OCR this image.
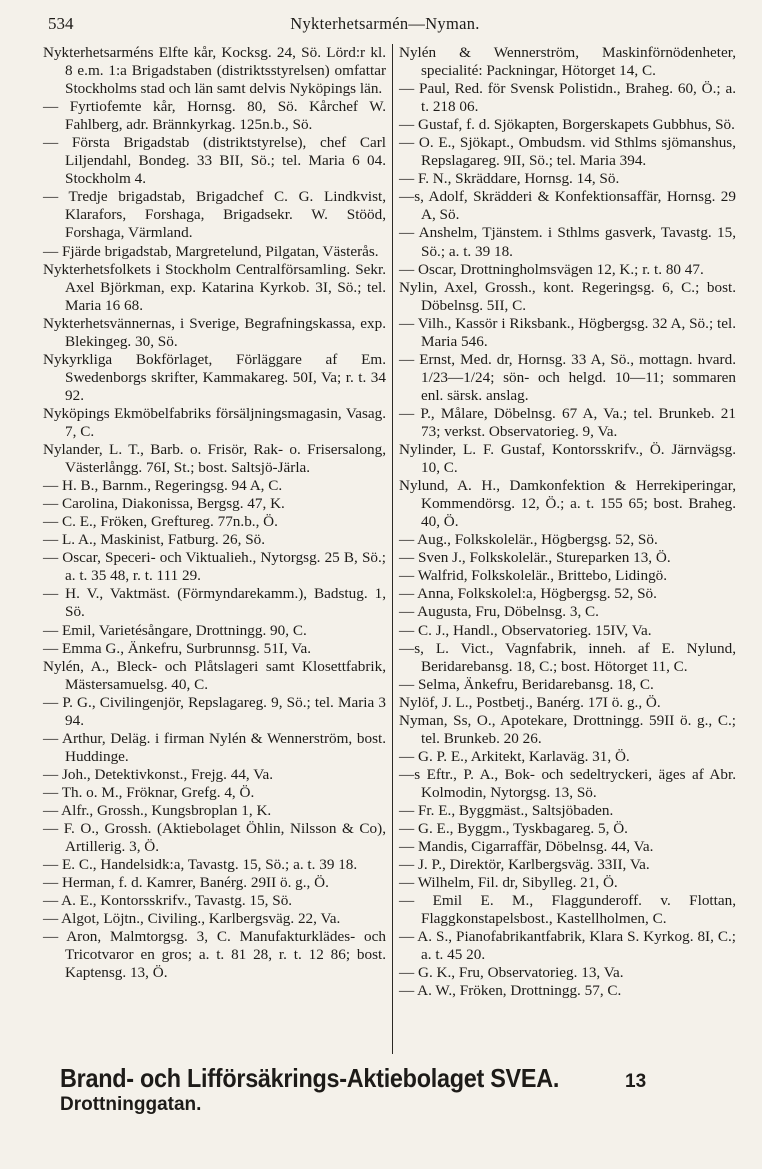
534	Nykterhetsarmén—Nyman.

Nykterhetsarméns Elfte kår, Kocksg. 24, Sö. Lörd:r kl. 8 e.m. 1:a Brigadstaben (distriktsstyrelsen) omfattar Stockholms stad och län samt delvis Nyköpings län.

— Fyrtiofemte kår, Hornsg. 80, Sö. Kårchef W. Fahlberg, adr. Brännkyrkag. 125n.b., Sö.

— Första Brigadstab (distriktstyrelse), chef Carl Liljendahl, Bondeg. 33 BII, Sö.; tel. Maria 6 04. Stockholm 4.

— Tredje brigadstab, Brigadchef C. G. Lindkvist, Klarafors, Forshaga, Brigadsekr. W. Stööd, Forshaga, Värmland.

— Fjärde brigadstab, Margretelund, Pilgatan, Västerås.

Nykterhetsfolkets i Stockholm Centralförsamling. Sekr. Axel Björkman, exp. Katarina Kyrkob. 3I, Sö.; tel. Maria 16 68.

Nykterhetsvännernas, i Sverige, Begrafningskassa, exp. Blekingeg. 30, Sö.

Nykyrkliga Bokförlaget, Förläggare af Em. Swedenborgs skrifter, Kammakareg. 50I, Va; r. t. 34 92.

Nyköpings Ekmöbelfabriks försäljningsmagasin, Vasag. 7, C.

Nylander, L. T., Barb. o. Frisör, Rak- o. Frisersalong, Västerlångg. 76I, St.; bost. Saltsjö-Järla.

— H. B., Barnm., Regeringsg. 94 A, C.

— Carolina, Diakonissa, Bergsg. 47, K.

— C. E., Fröken, Greftureg. 77n.b., Ö.

— L. A., Maskinist, Fatburg. 26, Sö.

— Oscar, Speceri- och Viktualieh., Nytorgsg. 25 B, Sö.; a. t. 35 48, r. t. 111 29.

— H. V., Vaktmäst. (Förmyndarekamm.), Badstug. 1, Sö.

— Emil, Varietésångare, Drottningg. 90, C.

— Emma G., Änkefru, Surbrunnsg. 51I, Va.

Nylén, A., Bleck- och Plåtslageri samt Klosettfabrik, Mästersamuelsg. 40, C.

— P. G., Civilingenjör, Repslagareg. 9, Sö.; tel. Maria 3 94.

— Arthur, Deläg. i firman Nylén & Wennerström, bost. Huddinge.

— Joh., Detektivkonst., Frejg. 44, Va.

— Th. o. M., Fröknar, Grefg. 4, Ö.

— Alfr., Grossh., Kungsbroplan 1, K.

— F. O., Grossh. (Aktiebolaget Öhlin, Nilsson & Co), Artillerig. 3, Ö.

— E. C., Handelsidk:a, Tavastg. 15, Sö.; a. t. 39 18.

— Herman, f. d. Kamrer, Banérg. 29II ö. g., Ö.

— A. E., Kontorsskrifv., Tavastg. 15, Sö.

— Algot, Löjtn., Civiling., Karlbergsväg. 22, Va.

— Aron, Malmtorgsg. 3, C. Manufakturklädes- och Tricotvaror en gros; a. t. 81 28, r. t. 12 86; bost. Kaptensg. 13, Ö.

Nylén & Wennerström, Maskinförnödenheter, specialité: Packningar, Hötorget 14, C.

— Paul, Red. för Svensk Polistidn., Braheg. 60, Ö.; a. t. 218 06.

— Gustaf, f. d. Sjökapten, Borgerskapets Gubbhus, Sö.

— O. E., Sjökapt., Ombudsm. vid Sthlms sjömanshus, Repslagareg. 9II, Sö.; tel. Maria 394.

— F. N., Skräddare, Hornsg. 14, Sö.

—s, Adolf, Skrädderi & Konfektionsaffär, Hornsg. 29 A, Sö.

— Anshelm, Tjänstem. i Sthlms gasverk, Tavastg. 15, Sö.; a. t. 39 18.

— Oscar, Drottningholmsvägen 12, K.; r. t. 80 47.

Nylin, Axel, Grossh., kont. Regeringsg. 6, C.; bost. Döbelnsg. 5II, C.

— Vilh., Kassör i Riksbank., Högbergsg. 32 A, Sö.; tel. Maria 546.

— Ernst, Med. dr, Hornsg. 33 A, Sö., mottagn. hvard. 1/23—1/24; sön- och helgd. 10—11; sommaren enl. särsk. anslag.

— P., Målare, Döbelnsg. 67 A, Va.; tel. Brunkeb. 21 73; verkst. Observatorieg. 9, Va.

Nylinder, L. F. Gustaf, Kontorsskrifv., Ö. Järnvägsg. 10, C.

Nylund, A. H., Damkonfektion & Herrekiperingar, Kommendörsg. 12, Ö.; a. t. 155 65; bost. Braheg. 40, Ö.

— Aug., Folkskolelär., Högbergsg. 52, Sö.

— Sven J., Folkskolelär., Stureparken 13, Ö.

— Walfrid, Folkskolelär., Brittebo, Lidingö.

— Anna, Folkskolel:a, Högbergsg. 52, Sö.

— Augusta, Fru, Döbelnsg. 3, C.

— C. J., Handl., Observatorieg. 15IV, Va.

—s, L. Vict., Vagnfabrik, inneh. af E. Nylund, Beridarebansg. 18, C.; bost. Hötorget 11, C.

— Selma, Änkefru, Beridarebansg. 18, C.

Nylöf, J. L., Postbetj., Banérg. 17I ö. g., Ö.

Nyman, Ss, O., Apotekare, Drottningg. 59II ö. g., C.; tel. Brunkeb. 20 26.

— G. P. E., Arkitekt, Karlaväg. 31, Ö.

—s Eftr., P. A., Bok- och sedeltryckeri, äges af Abr. Kolmodin, Nytorgsg. 13, Sö.

— Fr. E., Byggmäst., Saltsjöbaden.

— G. E., Byggm., Tyskbagareg. 5, Ö.

— Mandis, Cigarraffär, Döbelnsg. 44, Va.

— J. P., Direktör, Karlbergsväg. 33II, Va.

— Wilhelm, Fil. dr, Sibylleg. 21, Ö.

— Emil E. M., Flaggunderoff. v. Flottan, Flaggkonstapelsbost., Kastellholmen, C.

— A. S., Pianofabrikantfabrik, Klara S. Kyrkog. 8I, C.; a. t. 45 20.

— G. K., Fru, Observatorieg. 13, Va.

— A. W., Fröken, Drottningg. 57, C.

Brand- och Lifförsäkrings-Aktiebolaget SVEA.	13 Drottninggatan.
